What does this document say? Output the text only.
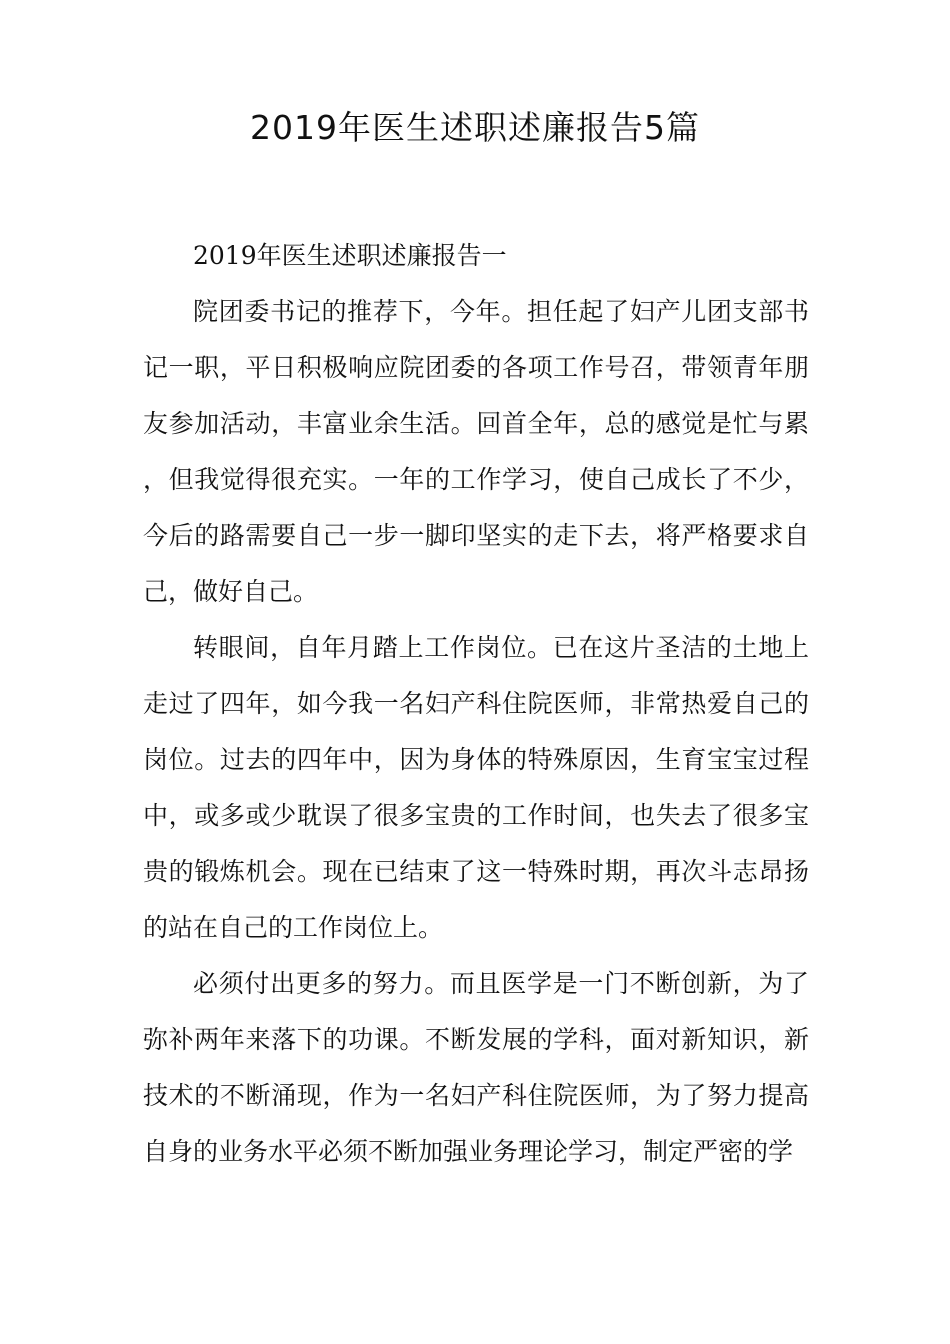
2019年医生述职述廉报告5篇

2019年医生述职述廉报告一

院团委书记的推荐下，今年。担任起了妇产儿团支部书记一职，平日积极响应院团委的各项工作号召，带领青年朋友参加活动，丰富业余生活。回首全年，总的感觉是忙与累，但我觉得很充实。一年的工作学习，使自己成长了不少，今后的路需要自己一步一脚印坚实的走下去，将严格要求自己，做好自己。

转眼间，自年月踏上工作岗位。已在这片圣洁的土地上走过了四年，如今我一名妇产科住院医师，非常热爱自己的岗位。过去的四年中，因为身体的特殊原因，生育宝宝过程中，或多或少耽误了很多宝贵的工作时间，也失去了很多宝贵的锻炼机会。现在已结束了这一特殊时期，再次斗志昂扬的站在自己的工作岗位上。

必须付出更多的努力。而且医学是一门不断创新，为了弥补两年来落下的功课。不断发展的学科，面对新知识，新技术的不断涌现，作为一名妇产科住院医师，为了努力提高自身的业务水平必须不断加强业务理论学习，制定严密的学
